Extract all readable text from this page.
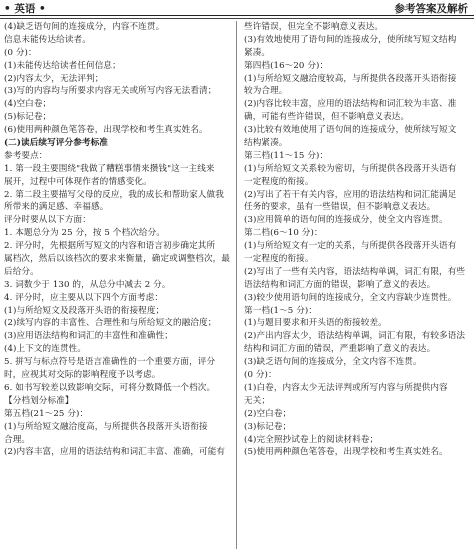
• 英语 •	参考答案及解析
(4)缺乏语句间的连接成分，内容不连贯。
信息未能传达给读者。
(0 分)：
(1)未能传达给读者任何信息；
(2)内容太少，无法评判；
(3)写的内容均与所要求内容无关或所写内容无法看清；
(4)空白卷；
(5)标记卷；
(6)使用两种颜色笔答卷，出现学校和考生真实姓名。
(二)读后续写评分参考标准
参考要点：
1. 第一段主要围绕"我做了糟糕事情来攒钱"这一主线来
展开，过程中可体现作者的情感变化。
2. 第二段主要描写父母的反应，我的成长和帮助家人做我
所带来的满足感、幸福感。
评分时要从以下方面：
1. 本题总分为 25 分，按 5 个档次给分。
2. 评分时，先根据所写短文的内容和语言初步确定其所
属档次，然后以该档次的要求来衡量，确定或调整档次，最
后给分。
3. 词数少于 130 的，从总分中减去 2 分。
4. 评分时，应主要从以下四个方面考虑：
(1)与所给短文及段落开头语的衔接程度；
(2)续写内容的丰富性、合理性和与所给短文的融洽度；
(3)应用语法结构和词汇的丰富性和准确性；
(4)上下文的连贯性。
5. 拼写与标点符号是语言准确性的一个重要方面，评分
时，应视其对交际的影响程度予以考虑。
6. 如书写较差以致影响交际，可将分数降低一个档次。
【分档划分标准】
第五档(21～25 分)：
(1)与所给短文融洽度高，与所提供各段落开头语衔接
合理。
(2)内容丰富，应用的语法结构和词汇丰富、准确，可能有
些许错误，但完全不影响意义表达。
(3)有效地使用了语句间的连接成分，使所续写短文结构
紧凑。
第四档(16～20 分)：
(1)与所给短文融洽度较高，与所提供各段落开头语衔接
较为合理。
(2)内容比较丰富，应用的语法结构和词汇较为丰富、准
确，可能有些许错误，但不影响意义表达。
(3)比较有效地使用了语句间的连接成分，使所续写短文
结构紧凑。
第三档(11～15 分)：
(1)与所给短文关系较为密切，与所提供各段落开头语有
一定程度的衔接。
(2)写出了若干有关内容，应用的语法结构和词汇能满足
任务的要求，虽有一些错误，但不影响意义表达。
(3)应用简单的语句间的连接成分，使全文内容连贯。
第二档(6～10 分)：
(1)与所给短文有一定的关系，与所提供各段落开头语有
一定程度的衔接。
(2)写出了一些有关内容，语法结构单调，词汇有限，有些
语法结构和词汇方面的错误，影响了意义的表达。
(3)较少使用语句间的连接成分，全文内容缺少连贯性。
第一档(1～5 分)：
(1)与题目要求和开头语的衔接较差。
(2)产出内容太少，语法结构单调，词汇有限，有较多语法
结构和词汇方面的错误，严重影响了意义的表达。
(3)缺乏语句间的连接成分，全文内容不连贯。
(0 分)：
(1)白卷，内容太少无法评判或所写内容与所提供内容
无关；
(2)空白卷；
(3)标记卷；
(4)完全照抄试卷上的阅读材料卷；
(5)使用两种颜色笔答卷，出现学校和考生真实姓名。
